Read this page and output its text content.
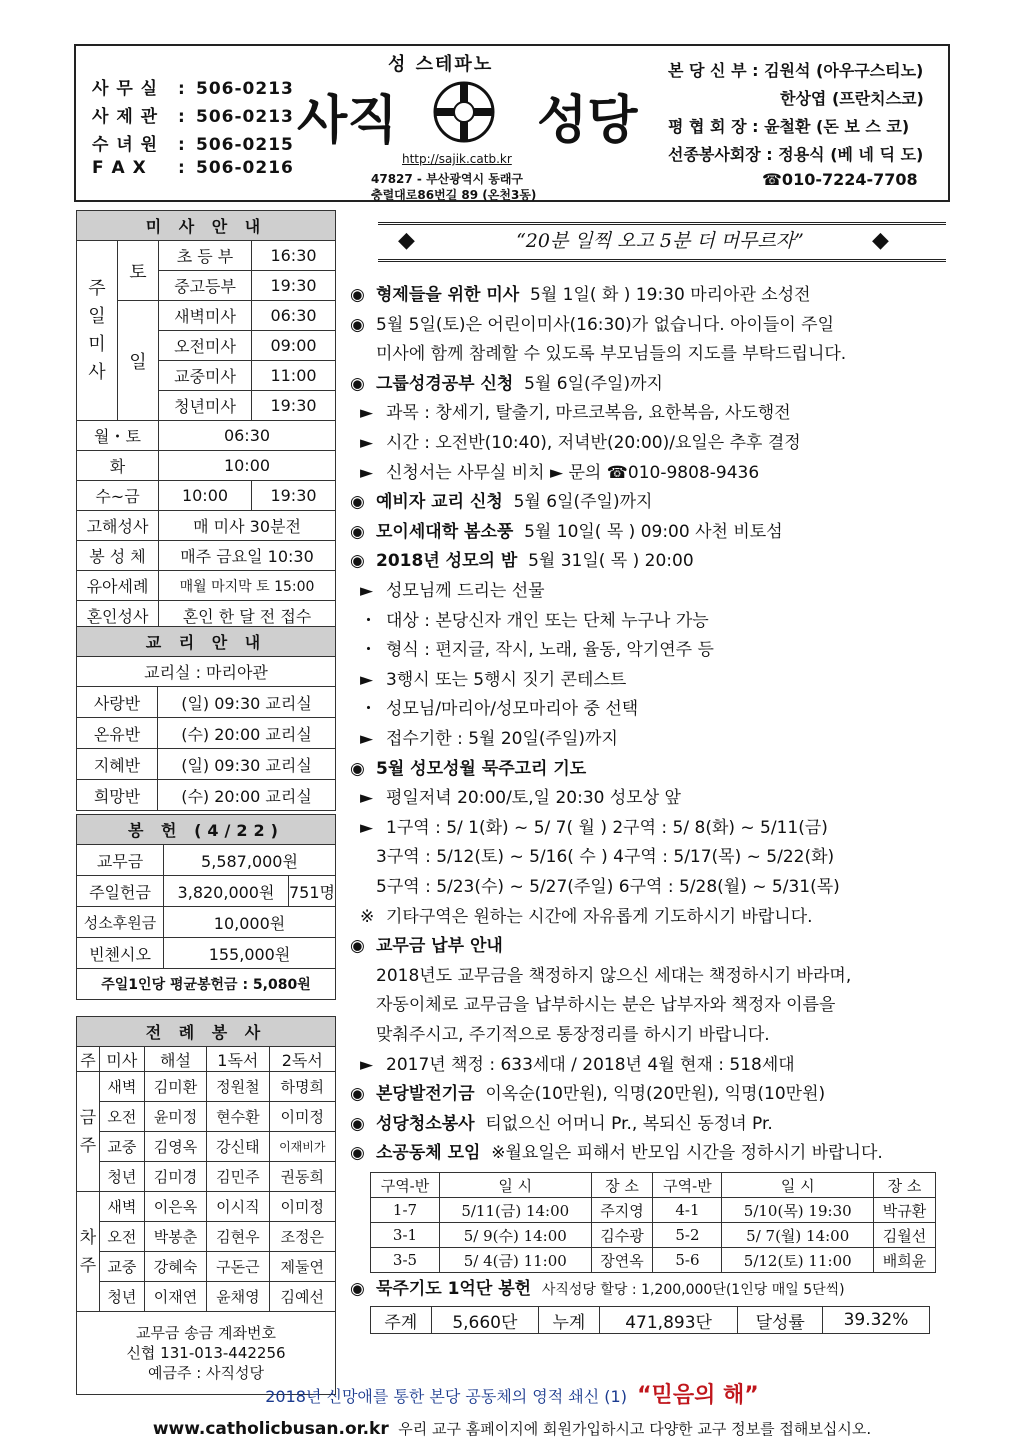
사 무 실 : 506-0213
사 제 관 : 506-0213
수 녀 원 : 506-0215
F A X : 506-0216
성 스테파노
사직	성당
http://sajik.catb.kr
47827 - 부산광역시 동래구
충렬대로86번길 89 (온천3동)
본 당 신 부 : 김원석 (아우구스티노)
한상엽 (프란치스코)
평 협 회 장 : 윤철환 (돈 보 스 코)
선종봉사회장 : 정용식 (베 네 딕 도)
☎010-7224-7708
미 사 안 내			
주일미사	토	초 등 부	16:30
		중고등부	19:30
	일	새벽미사	06:30
		오전미사	09:00
		교중미사	11:00
		청년미사	19:30
월・토		06:30	
화		10:00	
수~금		10:00	19:30
고해성사		매 미사 30분전	
봉 성 체		매주 금요일 10:30	
유아세례		매월 마지막 토 15:00	
혼인성사		혼인 한 달 전 접수	
교 리 안 내	
교리실 : 마리아관	
사랑반	(일) 09:30 교리실
온유반	(수) 20:00 교리실
지혜반	(일) 09:30 교리실
희망반	(수) 20:00 교리실
봉 헌 (4/22)		
교무금	5,587,000원	
주일헌금	3,820,000원	751명
성소후원금	10,000원	
빈첸시오	155,000원	
주일1인당 평균봉헌금 : 5,080원		
전 례 봉 사				
주	미사	해설	1독서	2독서
금주	새벽	김미환	정원철	하명희
	오전	윤미정	현수환	이미정
	교중	김영옥	강신태	이재비가
	청년	김미경	김민주	권동희
차주	새벽	이은옥	이시직	이미정
	오전	박봉춘	김현우	조정은
	교중	강혜숙	구돈근	제둘연
	청년	이재연	윤채영	김예선

교무금 송금 계좌번호
신협 131-013-442256
예금주 : 사직성당				
◆	◆
“20분 일찍 오고 5분 더 머무르자”
◉ 형제들을 위한 미사 5월 1일( 화 ) 19:30 마리아관 소성전
◉ 5월 5일(토)은 어린이미사(16:30)가 없습니다. 아이들이 주일
미사에 함께 참례할 수 있도록 부모님들의 지도를 부탁드립니다.
◉ 그룹성경공부 신청 5월 6일(주일)까지
► 과목 : 창세기, 탈출기, 마르코복음, 요한복음, 사도행전
► 시간 : 오전반(10:40), 저녁반(20:00)/요일은 추후 결정
► 신청서는 사무실 비치 ► 문의 ☎010-9808-9436
◉ 예비자 교리 신청 5월 6일(주일)까지
◉ 모이세대학 봄소풍 5월 10일( 목 ) 09:00 사천 비토섬
◉ 2018년 성모의 밤 5월 31일( 목 ) 20:00
► 성모님께 드리는 선물
・ 대상 : 본당신자 개인 또는 단체 누구나 가능
・ 형식 : 편지글, 작시, 노래, 율동, 악기연주 등
► 3행시 또는 5행시 짓기 콘테스트
・ 성모님/마리아/성모마리아 중 선택
► 접수기한 : 5월 20일(주일)까지
◉ 5월 성모성월 묵주고리 기도
► 평일저녁 20:00/토,일 20:30 성모상 앞
► 1구역 : 5/ 1(화) ~ 5/ 7( 월 ) 2구역 : 5/ 8(화) ~ 5/11(금)
3구역 : 5/12(토) ~ 5/16( 수 ) 4구역 : 5/17(목) ~ 5/22(화)
5구역 : 5/23(수) ~ 5/27(주일) 6구역 : 5/28(월) ~ 5/31(목)
※ 기타구역은 원하는 시간에 자유롭게 기도하시기 바랍니다.
◉ 교무금 납부 안내
2018년도 교무금을 책정하지 않으신 세대는 책정하시기 바라며,
자동이체로 교무금을 납부하시는 분은 납부자와 책정자 이름을
맞춰주시고, 주기적으로 통장정리를 하시기 바랍니다.
► 2017년 책정 : 633세대 / 2018년 4월 현재 : 518세대
◉ 본당발전기금 이옥순(10만원), 익명(20만원), 익명(10만원)
◉ 성당청소봉사 티없으신 어머니 Pr., 복되신 동정녀 Pr.
◉ 소공동체 모임 ※월요일은 피해서 반모임 시간을 정하시기 바랍니다.
구역-반	일 시	장 소	구역-반	일 시	장 소
1-7	5/11(금) 14:00	주지영	4-1	5/10(목) 19:30	박규환
3-1	5/ 9(수) 14:00	김수광	5-2	5/ 7(월) 14:00	김월선
3-5	5/ 4(금) 11:00	장연옥	5-6	5/12(토) 11:00	배희윤
◉ 묵주기도 1억단 봉헌 사직성당 할당 : 1,200,000단(1인당 매일 5단씩)
주계	5,660단	누계	471,893단	달성률	39.32%
2018년 신망애를 통한 본당 공동체의 영적 쇄신 (1) “믿음의 해”
www.catholicbusan.or.kr 우리 교구 홈페이지에 회원가입하시고 다양한 교구 정보를 접해보십시오.
